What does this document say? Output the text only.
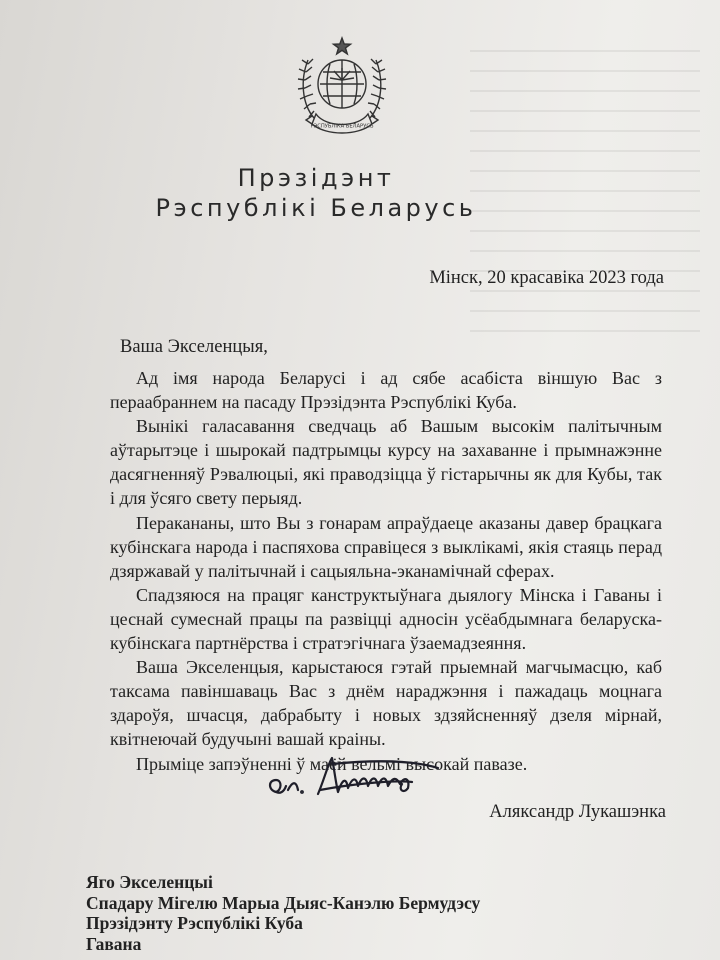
РЭСПУБЛІКА БЕЛАРУСЬ
Прэзідэнт
Рэспублікі Беларусь
Мінск, 20 красавіка 2023 года
Ваша Экселенцыя,

Ад імя народа Беларусі і ад сябе асабіста віншую Вас з пераабраннем на пасаду Прэзідэнта Рэспублікі Куба.

Вынікі галасавання сведчаць аб Вашым высокім палітычным аўтарытэце і шырокай падтрымцы курсу на захаванне і прымнажэнне дасягненняў Рэвалюцыі, які праводзіцца ў гістарычны як для Кубы, так і для ўсяго свету перыяд.

Перакананы, што Вы з гонарам апраўдаеце аказаны давер брацкага кубінскага народа і паспяхова справіцеся з выклікамі, якія стаяць перад дзяржавай у палітычнай і сацыяльна-эканамічнай сферах.

Спадзяюся на працяг канструктыўнага дыялогу Мінска і Гаваны і цеснай сумеснай працы па развіцці адносін усёабдымнага беларуска-кубінскага партнёрства і стратэгічнага ўзаемадзеяння.

Ваша Экселенцыя, карыстаюся гэтай прыемнай магчымасцю, каб таксама павіншаваць Вас з днём нараджэння і пажадаць моцнага здароўя, шчасця, дабрабыту і новых здзяйсненняў дзеля мірнай, квітнеючай будучыні вашай краіны.

Прыміце запэўненні ў маёй вельмі высокай павазе.

Аляксандр Лукашэнка
Яго Экселенцыі
Спадару Мігелю Марыа Дыяс-Канэлю Бермудэсу
Прэзідэнту Рэспублікі Куба
Гавана
